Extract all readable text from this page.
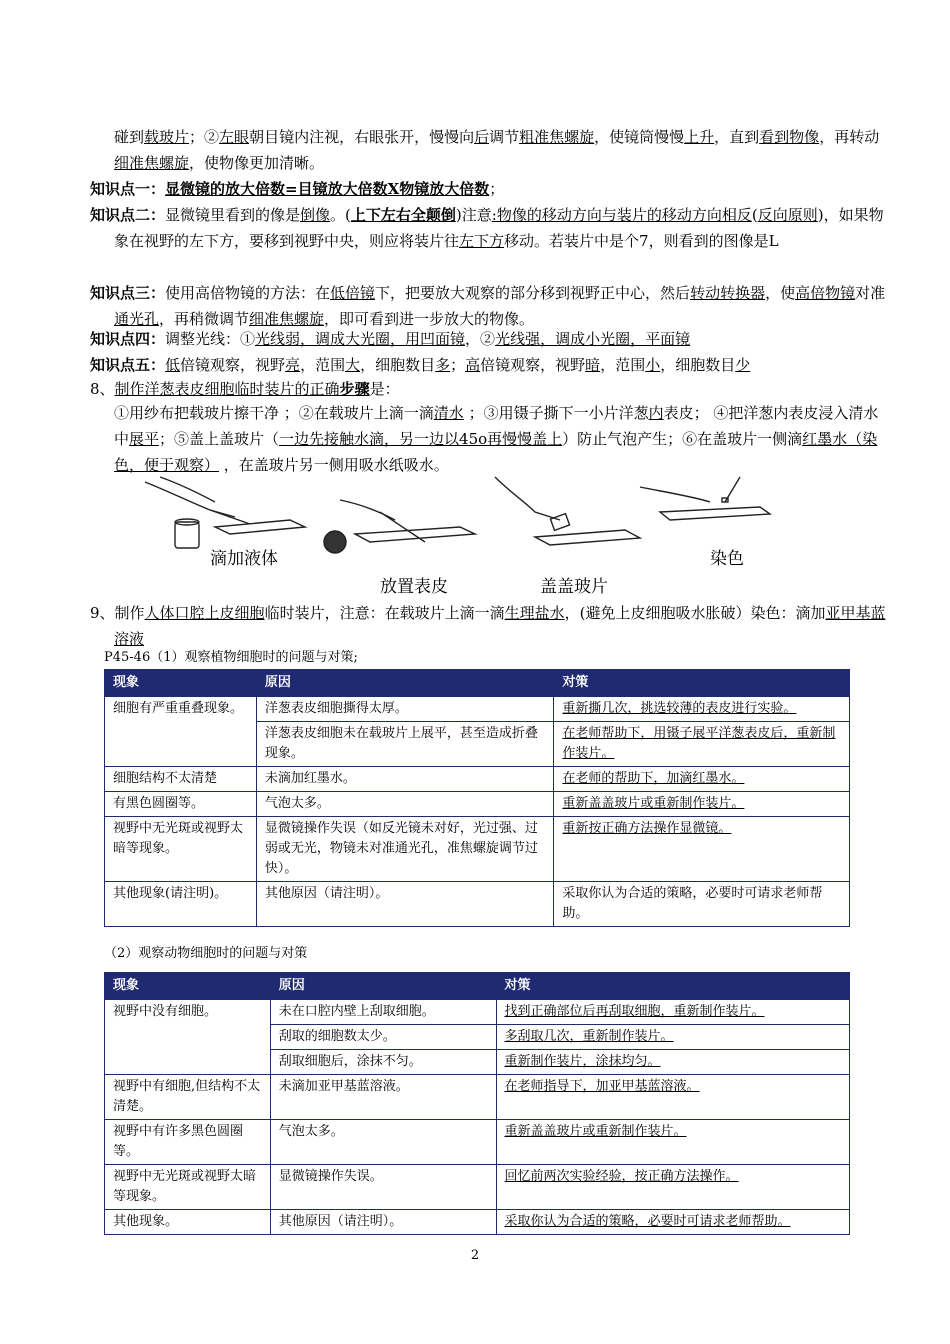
碰到载玻片；②左眼朝目镜内注视，右眼张开，慢慢向后调节粗准焦螺旋，使镜筒慢慢上升，直到看到物像，再转动细准焦螺旋，使物像更加清晰。
知识点一：显微镜的放大倍数=目镜放大倍数X物镜放大倍数；
知识点二：显微镜里看到的像是倒像。(上下左右全颠倒)注意:物像的移动方向与装片的移动方向相反(反向原则)，如果物象在视野的左下方，要移到视野中央，则应将装片往左下方移动。若装片中是个7，则看到的图像是L
知识点三：使用高倍物镜的方法：在低倍镜下，把要放大观察的部分移到视野正中心，然后转动转换器，使高倍物镜对准通光孔，再稍微调节细准焦螺旋，即可看到进一步放大的物像。
知识点四：调整光线：①光线弱，调成大光圈，用凹面镜，②光线强，调成小光圈，平面镜
知识点五：低倍镜观察，视野亮，范围大，细胞数目多；高倍镜观察，视野暗，范围小，细胞数目少
8、制作洋葱表皮细胞临时装片的正确步骤是：
①用纱布把载玻片擦干净 ；②在载玻片上滴一滴清水 ；③用镊子撕下一小片洋葱内表皮； ④把洋葱内表皮浸入清水中展平；⑤盖上盖玻片（一边先接触水滴，另一边以45o再慢慢盖上）防止气泡产生；⑥在盖玻片一侧滴红墨水（染色，便于观察） ，在盖玻片另一侧用吸水纸吸水。
滴加液体
放置表皮	盖盖玻片
染色
9、制作人体口腔上皮细胞临时装片，注意：在载玻片上滴一滴生理盐水，(避免上皮细胞吸水胀破）染色：滴加亚甲基蓝溶液
P45-46（1）观察植物细胞时的问题与对策;
现象	原因	对策
细胞有严重重叠现象。	洋葱表皮细胞撕得太厚。	重新撕几次，挑选较薄的表皮进行实验。
	洋葱表皮细胞未在载玻片上展平，甚至造成折叠现象。	在老师帮助下，用镊子展平洋葱表皮后，重新制作装片。
细胞结构不太清楚	未滴加红墨水。	在老师的帮助下，加滴红墨水。
有黑色圆圈等。	气泡太多。	重新盖盖玻片或重新制作装片。
视野中无光斑或视野太暗等现象。	显微镜操作失误（如反光镜未对好，光过强、过弱或无光，物镜未对准通光孔，准焦螺旋调节过快）。	重新按正确方法操作显微镜。
其他现象(请注明)。	其他原因（请注明）。	采取你认为合适的策略，必要时可请求老师帮助。
（2）观察动物细胞时的问题与对策
现象	原因	对策
视野中没有细胞。	未在口腔内壁上刮取细胞。	找到正确部位后再刮取细胞，重新制作装片。
	刮取的细胞数太少。	多刮取几次，重新制作装片。
	刮取细胞后，涂抹不匀。	重新制作装片，涂抹均匀。
视野中有细胞,但结构不太清楚。	未滴加亚甲基蓝溶液。	在老师指导下，加亚甲基蓝溶液。
视野中有许多黑色圆圈等。	气泡太多。	重新盖盖玻片或重新制作装片。
视野中无光斑或视野太暗等现象。	显微镜操作失误。	回忆前两次实验经验，按正确方法操作。
其他现象。	其他原因（请注明）。	采取你认为合适的策略，必要时可请求老师帮助。
2
